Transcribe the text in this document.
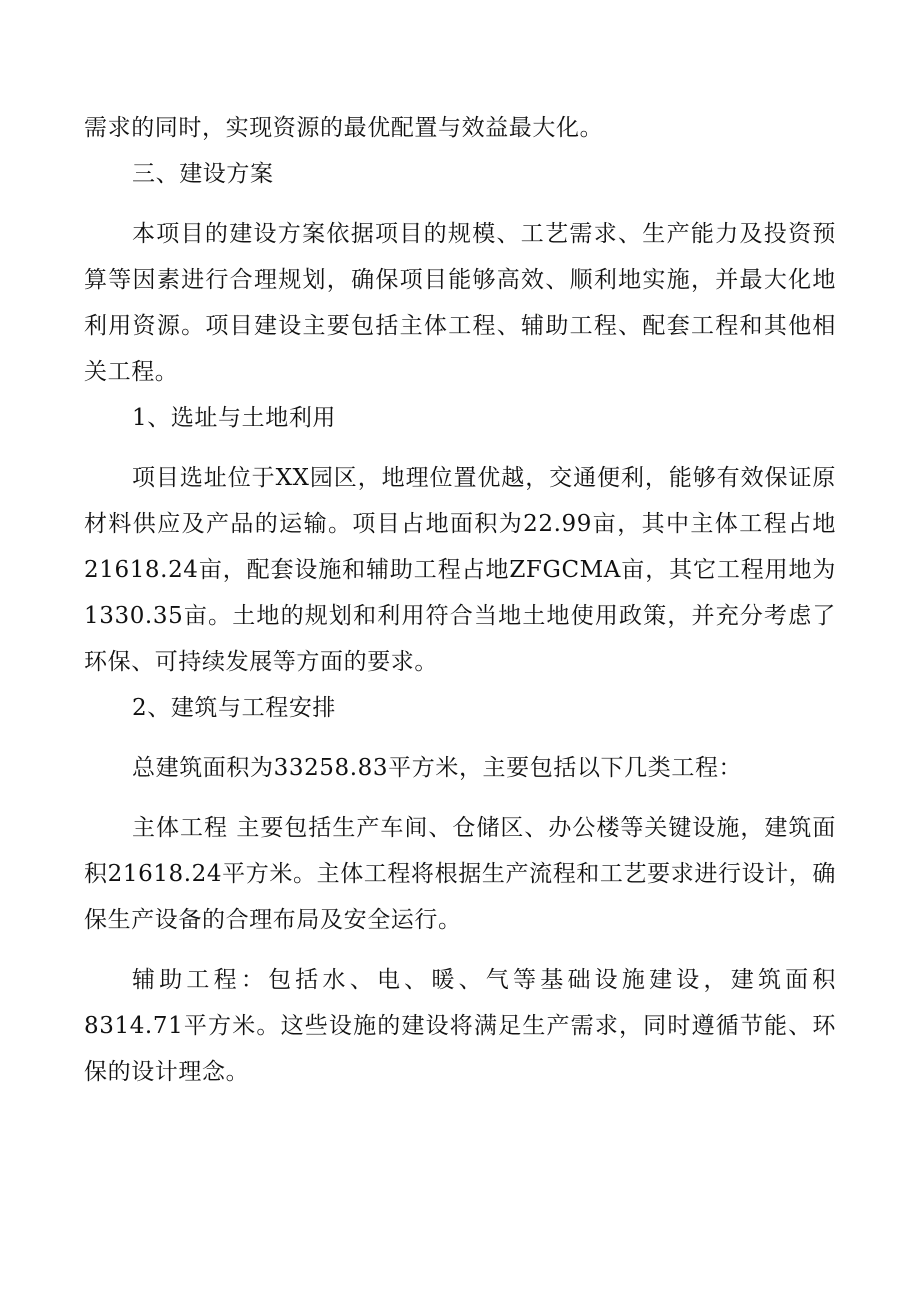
需求的同时，实现资源的最优配置与效益最大化。

三、建设方案

本项目的建设方案依据项目的规模、工艺需求、生产能力及投资预算等因素进行合理规划，确保项目能够高效、顺利地实施，并最大化地利用资源。项目建设主要包括主体工程、辅助工程、配套工程和其他相关工程。

1、选址与土地利用

项目选址位于XX园区，地理位置优越，交通便利，能够有效保证原材料供应及产品的运输。项目占地面积为22.99亩，其中主体工程占地21618.24亩，配套设施和辅助工程占地ZFGCMA亩，其它工程用地为1330.35亩。土地的规划和利用符合当地土地使用政策，并充分考虑了环保、可持续发展等方面的要求。

2、建筑与工程安排

总建筑面积为33258.83平方米，主要包括以下几类工程：

主体工程 主要包括生产车间、仓储区、办公楼等关键设施，建筑面积21618.24平方米。主体工程将根据生产流程和工艺要求进行设计，确保生产设备的合理布局及安全运行。

辅助工程：包括水、电、暖、气等基础设施建设，建筑面积8314.71平方米。这些设施的建设将满足生产需求，同时遵循节能、环保的设计理念。
